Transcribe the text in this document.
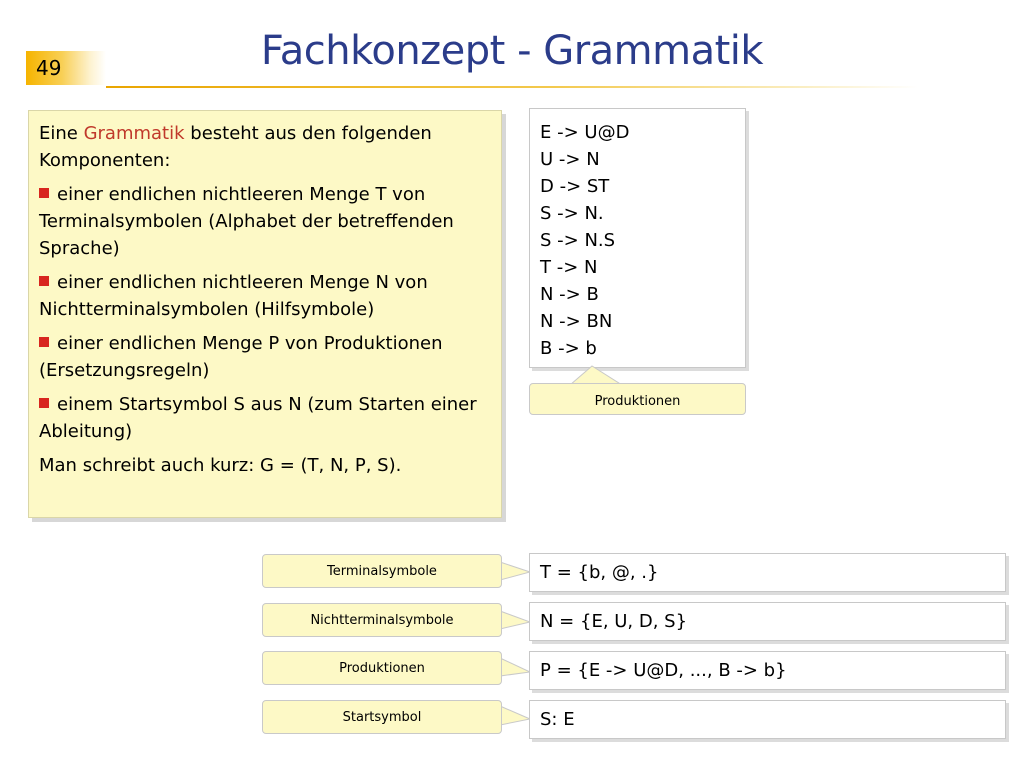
49	Fachkonzept - Grammatik

Eine Grammatik besteht aus den folgenden Komponenten:

einer endlichen nichtleeren Menge T von Terminalsymbolen (Alphabet der betreffenden Sprache)

einer endlichen nichtleeren Menge N von Nichtterminalsymbolen (Hilfsymbole)

einer endlichen Menge P von Produktionen (Ersetzungsregeln)

einem Startsymbol S aus N (zum Starten einer Ableitung)

Man schreibt auch kurz: G = (T, N, P, S).

E -> U@D
U -> N
D -> ST
S -> N.
S -> N.S
T -> N
N -> B
N -> BN
B -> b
Produktionen
Terminalsymbole
Nichtterminalsymbole
Produktionen
Startsymbol
T = {b, @, .}
N = {E, U, D, S}
P = {E -> U@D, ..., B -> b}
S: E
